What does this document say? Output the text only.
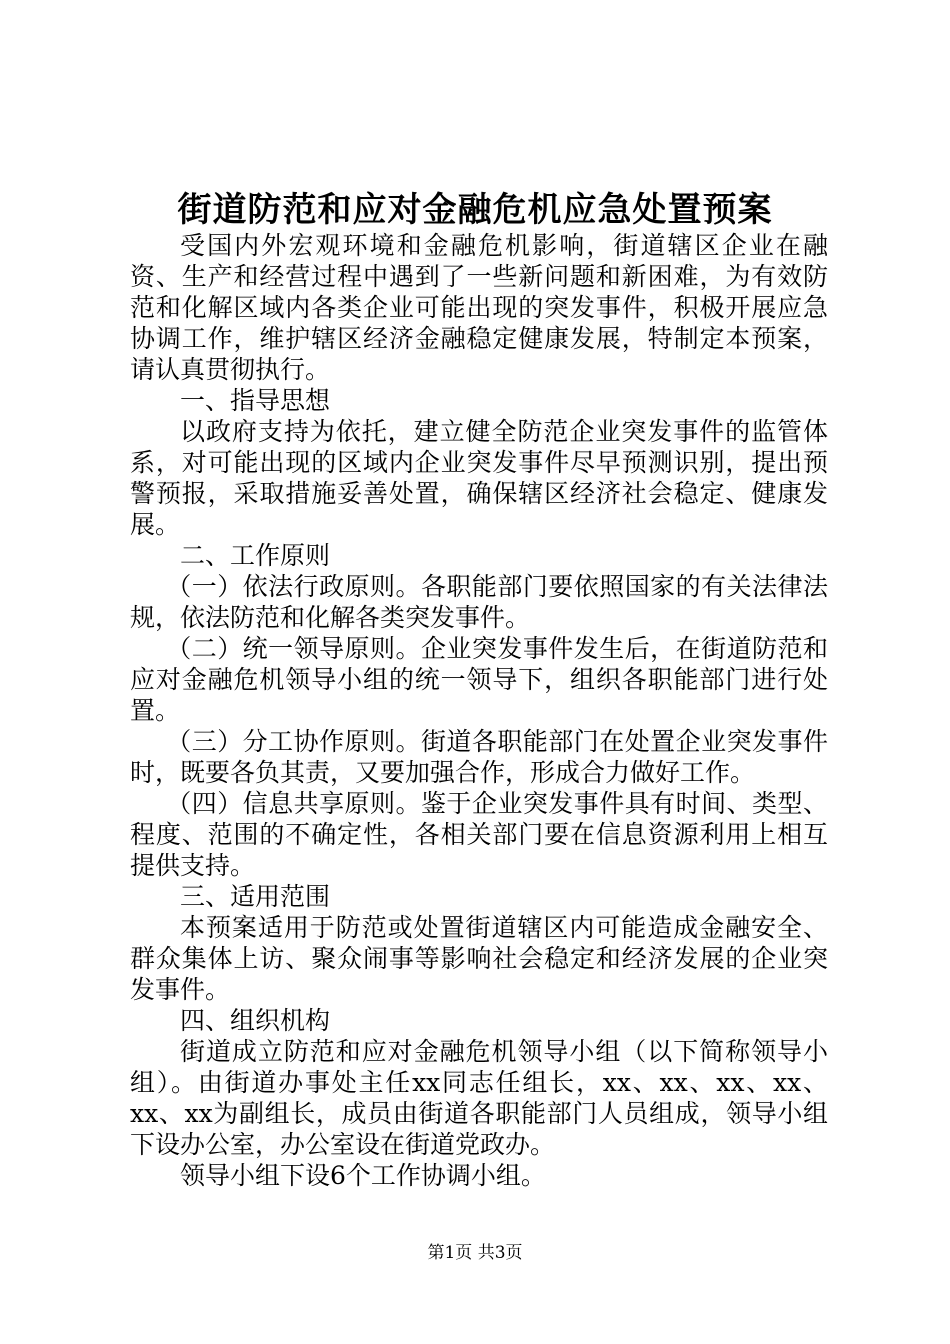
街道防范和应对金融危机应急处置预案

受国内外宏观环境和金融危机影响，街道辖区企业在融资、生产和经营过程中遇到了一些新问题和新困难，为有效防范和化解区域内各类企业可能出现的突发事件，积极开展应急协调工作，维护辖区经济金融稳定健康发展，特制定本预案，请认真贯彻执行。

一、指导思想

以政府支持为依托，建立健全防范企业突发事件的监管体系，对可能出现的区域内企业突发事件尽早预测识别，提出预警预报，采取措施妥善处置，确保辖区经济社会稳定、健康发展。

二、工作原则

（一）依法行政原则。各职能部门要依照国家的有关法律法规，依法防范和化解各类突发事件。

（二）统一领导原则。企业突发事件发生后，在街道防范和应对金融危机领导小组的统一领导下，组织各职能部门进行处置。

（三）分工协作原则。街道各职能部门在处置企业突发事件时，既要各负其责，又要加强合作，形成合力做好工作。

（四）信息共享原则。鉴于企业突发事件具有时间、类型、程度、范围的不确定性，各相关部门要在信息资源利用上相互提供支持。

三、适用范围

本预案适用于防范或处置街道辖区内可能造成金融安全、群众集体上访、聚众闹事等影响社会稳定和经济发展的企业突发事件。

四、组织机构

街道成立防范和应对金融危机领导小组（以下简称领导小组）。由街道办事处主任xx同志任组长，xx、xx、xx、xx、xx、xx为副组长，成员由街道各职能部门人员组成，领导小组下设办公室，办公室设在街道党政办。

领导小组下设6个工作协调小组。

第1页 共3页
